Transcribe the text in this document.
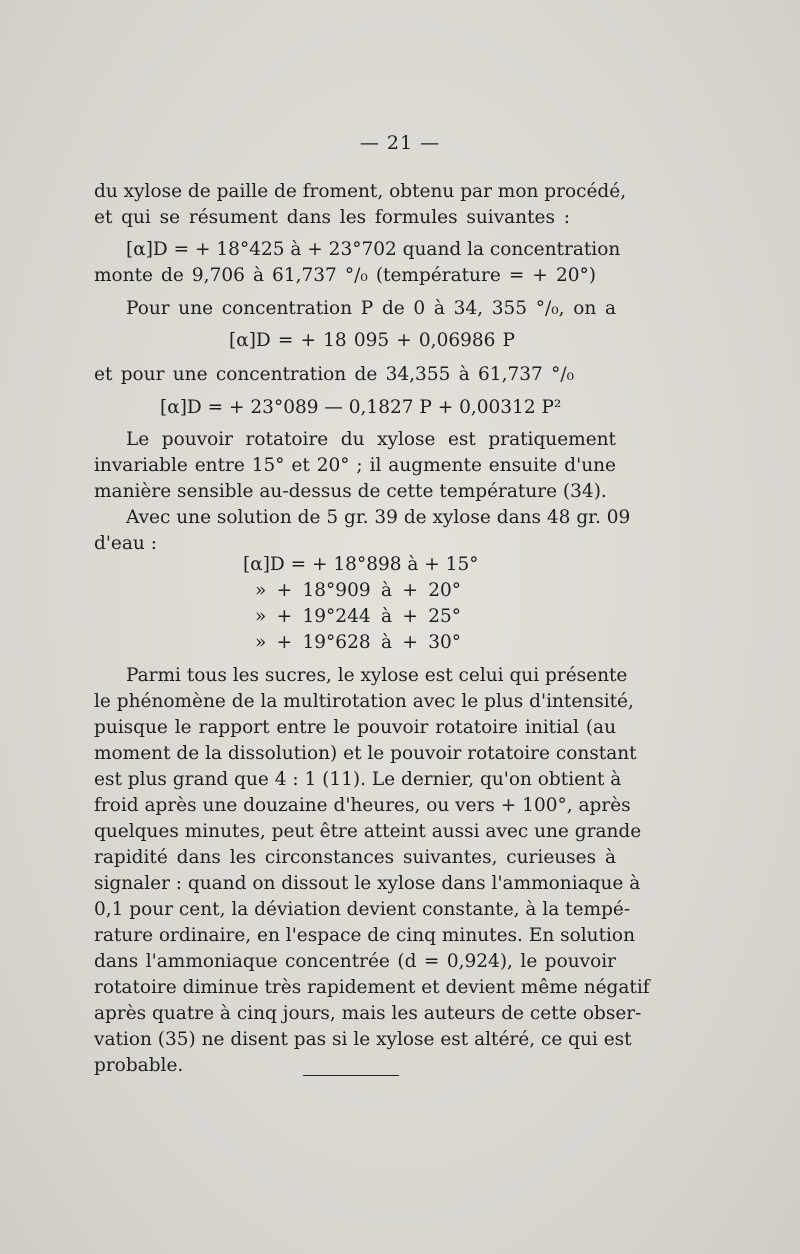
— 21 —
du xylose de paille de froment, obtenu par mon procédé,
et qui se résument dans les formules suivantes :
[α]D = + 18°425 à + 23°702 quand la concentration
monte de 9,706 à 61,737 °/₀ (température = + 20°)
Pour une concentration P de 0 à 34, 355 °/₀, on a
[α]D = + 18 095 + 0,06986 P
et pour une concentration de 34,355 à 61,737 °/₀
[α]D = + 23°089 — 0,1827 P + 0,00312 P²
Le pouvoir rotatoire du xylose est pratiquement
invariable entre 15° et 20° ; il augmente ensuite d'une
manière sensible au-dessus de cette température (34).
Avec une solution de 5 gr. 39 de xylose dans 48 gr. 09
d'eau :
[α]D = + 18°898 à + 15°
» + 18°909 à + 20°
» + 19°244 à + 25°
» + 19°628 à + 30°
Parmi tous les sucres, le xylose est celui qui présente
le phénomène de la multirotation avec le plus d'intensité,
puisque le rapport entre le pouvoir rotatoire initial (au
moment de la dissolution) et le pouvoir rotatoire constant
est plus grand que 4 : 1 (11). Le dernier, qu'on obtient à
froid après une douzaine d'heures, ou vers + 100°, après
quelques minutes, peut être atteint aussi avec une grande
rapidité dans les circonstances suivantes, curieuses à
signaler : quand on dissout le xylose dans l'ammoniaque à
0,1 pour cent, la déviation devient constante, à la tempé-
rature ordinaire, en l'espace de cinq minutes. En solution
dans l'ammoniaque concentrée (d = 0,924), le pouvoir
rotatoire diminue très rapidement et devient même négatif
après quatre à cinq jours, mais les auteurs de cette obser-
vation (35) ne disent pas si le xylose est altéré, ce qui est
probable.
